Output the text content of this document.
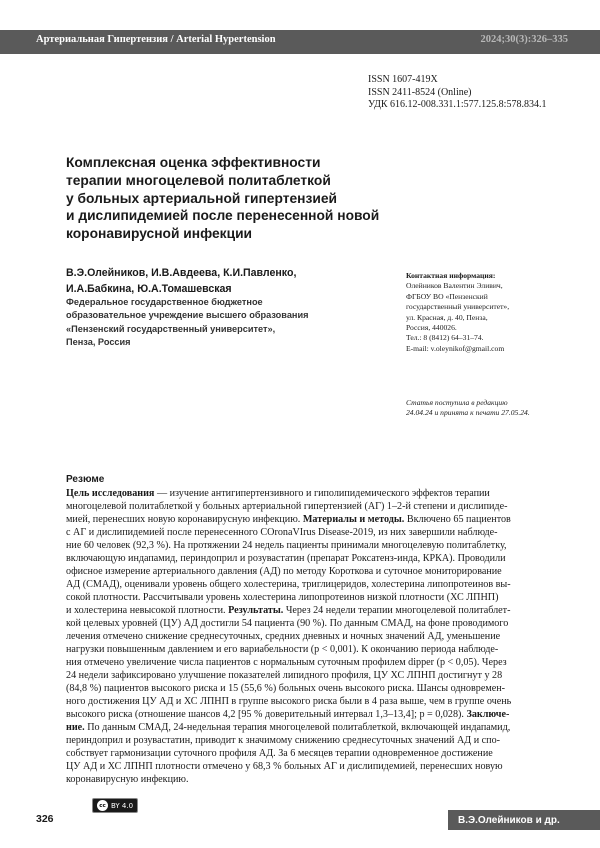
Артериальная Гипертензия / Arterial Hypertension	2024;30(3):326–335
ISSN 1607-419X
ISSN 2411-8524 (Online)
УДК 616.12-008.331.1:577.125.8:578.834.1
Комплексная оценка эффективности
терапии многоцелевой политаблеткой
у больных артериальной гипертензией
и дислипидемией после перенесенной новой
коронавирусной инфекции
В.Э.Олейников, И.В.Авдеева, К.И.Павленко,
И.А.Бабкина, Ю.А.Томашевская
Федеральное государственное бюджетное
образовательное учреждение высшего образования
«Пензенский государственный университет»,
Пенза, Россия
Контактная информация:
Олейников Валентин Эливич,
ФГБОУ ВО «Пензенский
государственный университет»,
ул. Красная, д. 40, Пенза,
Россия, 440026.
Тел.: 8 (8412) 64–31–74.
E-mail: v.oleynikof@gmail.com
Статья поступила в редакцию
24.04.24 и принята к печати 27.05.24.
Резюме
Цель исследования — изучение антигипертензивного и гиполипидемического эффектов терапии
многоцелевой политаблеткой у больных артериальной гипертензией (АГ) 1–2‑й степени и дислипиде-
мией, перенесших новую коронавирусную инфекцию. Материалы и методы. Включено 65 пациентов
с АГ и дислипидемией после перенесенного COronaVIrus Disease-2019, из них завершили наблюде-
ние 60 человек (92,3 %). На протяжении 24 недель пациенты принимали многоцелевую политаблетку,
включающую индапамид, периндоприл и розувастатин (препарат Роксатенз-инда, КРКА). Проводили
офисное измерение артериального давления (АД) по методу Короткова и суточное мониторирование
АД (СМАД), оценивали уровень общего холестерина, триглицеридов, холестерина липопротеинов вы-
сокой плотности. Рассчитывали уровень холестерина липопротеинов низкой плотности (ХС ЛПНП)
и холестерина невысокой плотности. Результаты. Через 24 недели терапии многоцелевой политаблет-
кой целевых уровней (ЦУ) АД достигли 54 пациента (90 %). По данным СМАД, на фоне проводимого
лечения отмечено снижение среднесуточных, средних дневных и ночных значений АД, уменьшение
нагрузки повышенным давлением и его вариабельности (p < 0,001). К окончанию периода наблюде-
ния отмечено увеличение числа пациентов с нормальным суточным профилем dipper (p < 0,05). Через
24 недели зафиксировано улучшение показателей липидного профиля, ЦУ ХС ЛПНП достигнут у 28
(84,8 %) пациентов высокого риска и 15 (55,6 %) больных очень высокого риска. Шансы одновремен-
ного достижения ЦУ АД и ХС ЛПНП в группе высокого риска были в 4 раза выше, чем в группе очень
высокого риска (отношение шансов 4,2 [95 % доверительный интервал 1,3–13,4]; p = 0,028). Заключе-
ние. По данным СМАД, 24‑недельная терапия многоцелевой политаблеткой, включающей индапамид,
периндоприл и розувастатин, приводит к значимому снижению среднесуточных значений АД и спо-
собствует гармонизации суточного профиля АД. За 6 месяцев терапии одновременное достижение
ЦУ АД и ХС ЛПНП плотности отмечено у 68,3 % больных АГ и дислипидемией, перенесших новую
коронавирусную инфекцию.
cc BY 4.0
326	В.Э.Олейников и др.
